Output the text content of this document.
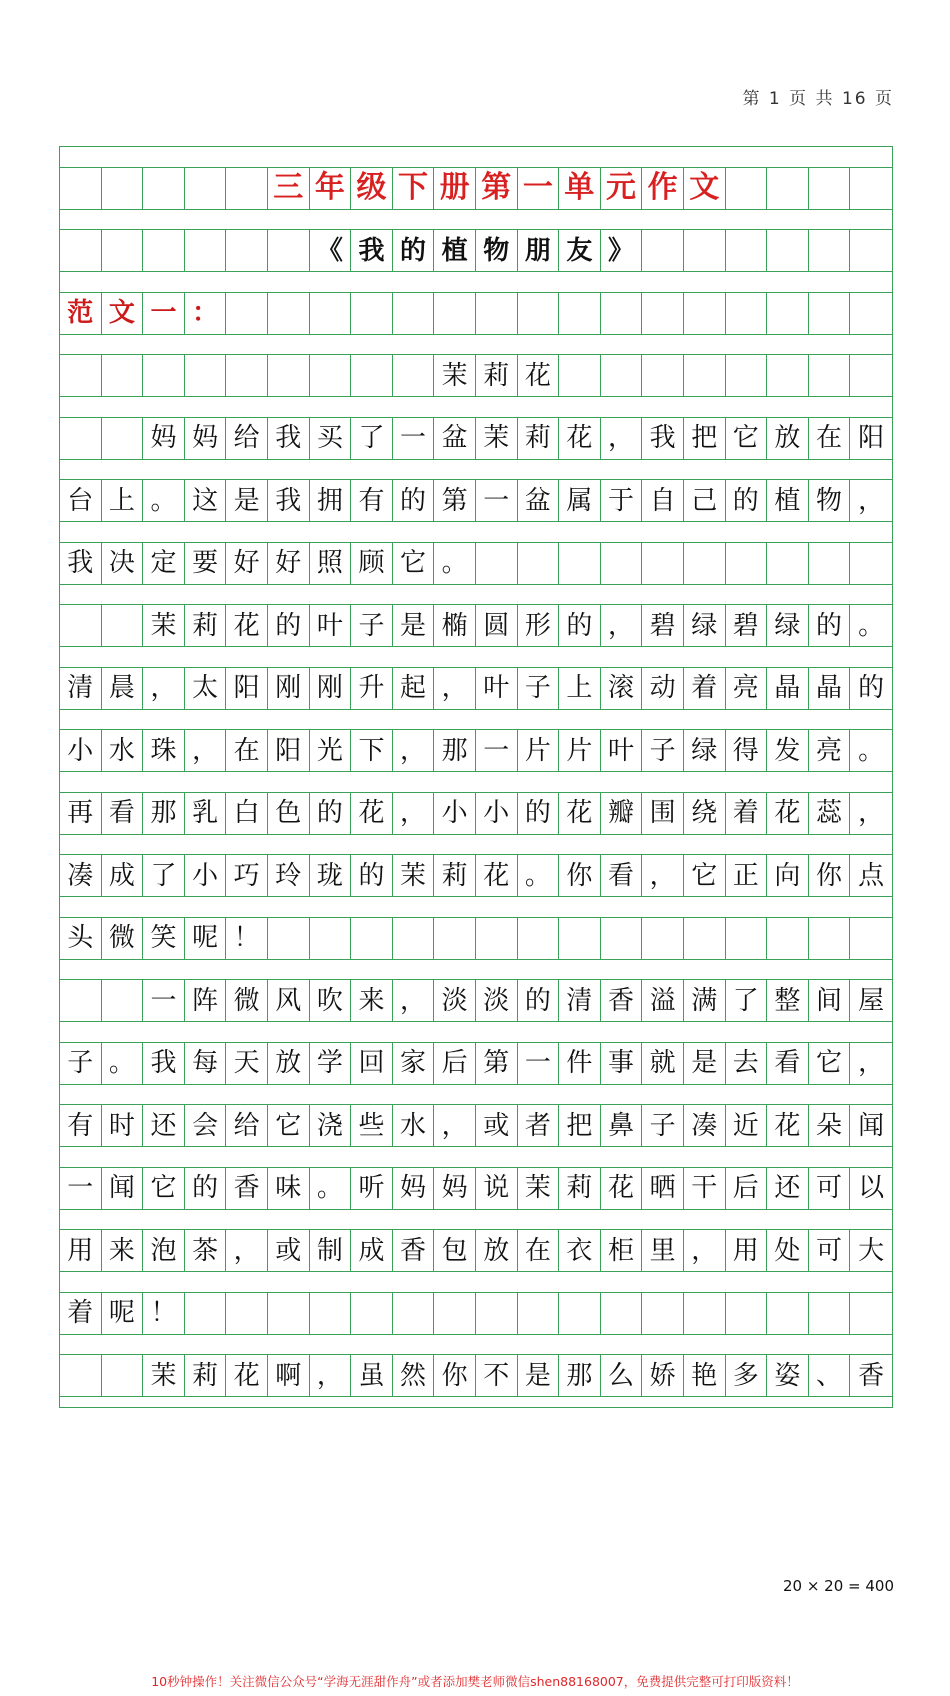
第 1 页 共 16 页
三 年 级 下 册 第 一 单 元 作 文
《 我 的 植 物 朋 友 》
范 文 一 ：
茉 莉 花
妈 妈 给 我 买 了 一 盆 茉 莉 花 ， 我 把 它 放 在 阳
台 上 。 这 是 我 拥 有 的 第 一 盆 属 于 自 己 的 植 物 ，
我 决 定 要 好 好 照 顾 它 。
茉 莉 花 的 叶 子 是 椭 圆 形 的 ， 碧 绿 碧 绿 的 。
清 晨 ， 太 阳 刚 刚 升 起 ， 叶 子 上 滚 动 着 亮 晶 晶 的
小 水 珠 ， 在 阳 光 下 ， 那 一 片 片 叶 子 绿 得 发 亮 。
再 看 那 乳 白 色 的 花 ， 小 小 的 花 瓣 围 绕 着 花 蕊 ，
凑 成 了 小 巧 玲 珑 的 茉 莉 花 。 你 看 ， 它 正 向 你 点
头 微 笑 呢 ！
一 阵 微 风 吹 来 ， 淡 淡 的 清 香 溢 满 了 整 间 屋
子 。 我 每 天 放 学 回 家 后 第 一 件 事 就 是 去 看 它 ，
有 时 还 会 给 它 浇 些 水 ， 或 者 把 鼻 子 凑 近 花 朵 闻
一 闻 它 的 香 味 。 听 妈 妈 说 茉 莉 花 晒 干 后 还 可 以
用 来 泡 茶 ， 或 制 成 香 包 放 在 衣 柜 里 ， 用 处 可 大
着 呢 ！
茉 莉 花 啊 ， 虽 然 你 不 是 那 么 娇 艳 多 姿 、 香
20 × 20 = 400
10秒钟操作！关注微信公众号“学海无涯甜作舟”或者添加樊老师微信shen88168007，免费提供完整可打印版资料！
